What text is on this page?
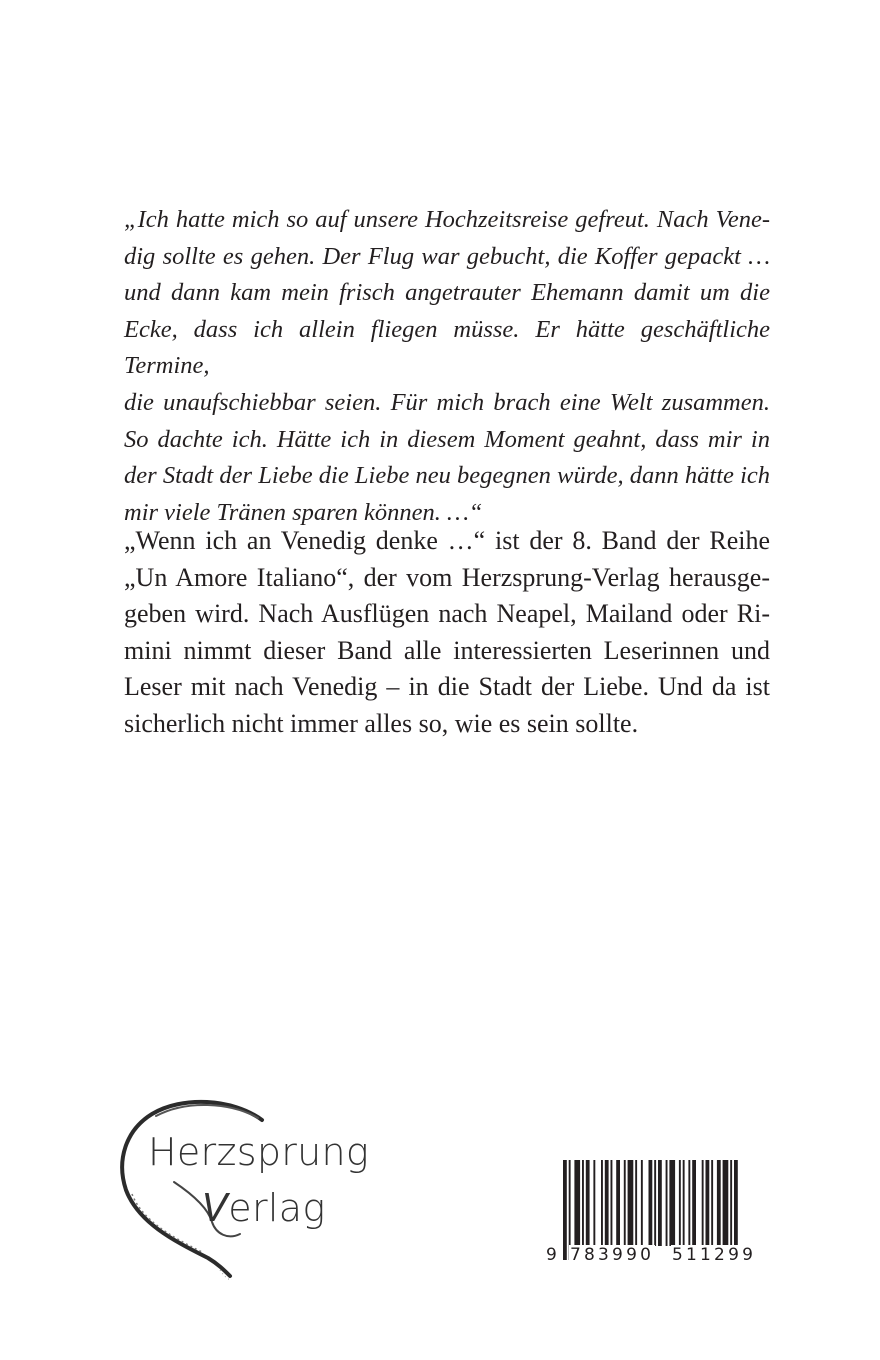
„Ich hatte mich so auf unsere Hochzeitsreise gefreut. Nach Vene-
dig sollte es gehen. Der Flug war gebucht, die Koffer gepackt …
und dann kam mein frisch angetrauter Ehemann damit um die
Ecke, dass ich allein fliegen müsse. Er hätte geschäftliche Termine,
die unaufschiebbar seien. Für mich brach eine Welt zusammen.
So dachte ich. Hätte ich in diesem Moment geahnt, dass mir in
der Stadt der Liebe die Liebe neu begegnen würde, dann hätte ich
mir viele Tränen sparen können. …“

„Wenn ich an Venedig denke …“ ist der 8. Band der Reihe
„Un Amore Italiano“, der vom Herzsprung-Verlag herausge-
geben wird. Nach Ausflügen nach Neapel, Mailand oder Ri-
mini nimmt dieser Band alle interessierten Leserinnen und
Leser mit nach Venedig – in die Stadt der Liebe. Und da ist
sicherlich nicht immer alles so, wie es sein sollte.

Herzsprung
Verlag
9 783990 511299
